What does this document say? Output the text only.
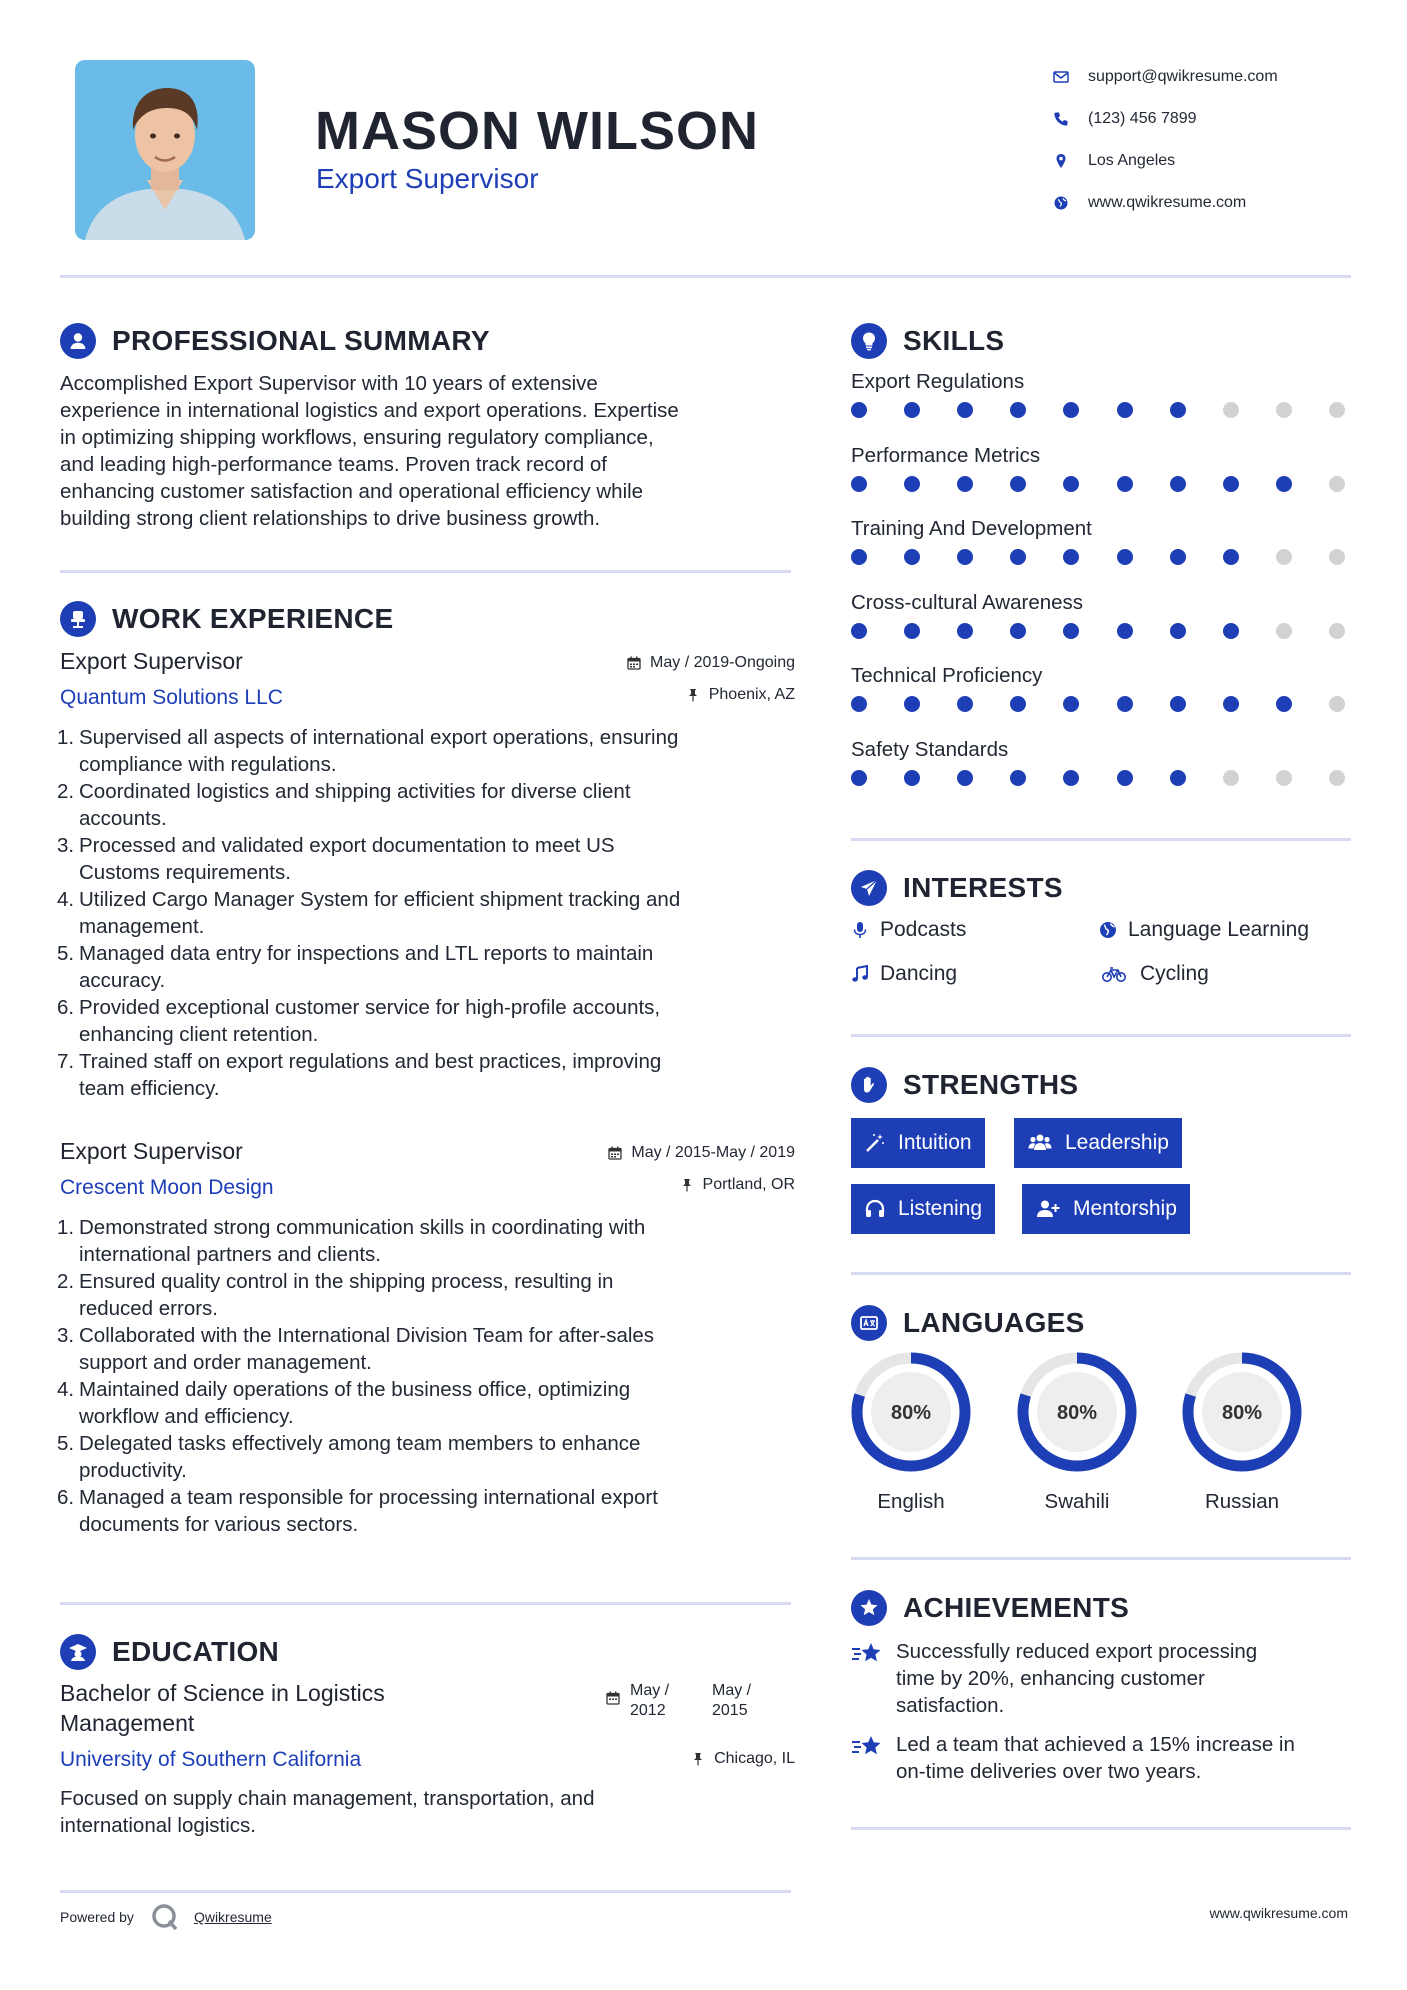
MASON WILSON
Export Supervisor
support@qwikresume.com
(123) 456 7899
Los Angeles
www.qwikresume.com
PROFESSIONAL SUMMARY
Accomplished Export Supervisor with 10 years of extensive
experience in international logistics and export operations. Expertise
in optimizing shipping workflows, ensuring regulatory compliance,
and leading high-performance teams. Proven track record of
enhancing customer satisfaction and operational efficiency while
building strong client relationships to drive business growth.
WORK EXPERIENCE
Export Supervisor
Quantum Solutions LLC
May / 2019-Ongoing
Phoenix, AZ
1. Supervised all aspects of international export operations, ensuring
compliance with regulations.
2. Coordinated logistics and shipping activities for diverse client
accounts.
3. Processed and validated export documentation to meet US
Customs requirements.
4. Utilized Cargo Manager System for efficient shipment tracking and
management.
5. Managed data entry for inspections and LTL reports to maintain
accuracy.
6. Provided exceptional customer service for high-profile accounts,
enhancing client retention.
7. Trained staff on export regulations and best practices, improving
team efficiency.
Export Supervisor
Crescent Moon Design
May / 2015-May / 2019
Portland, OR
1. Demonstrated strong communication skills in coordinating with
international partners and clients.
2. Ensured quality control in the shipping process, resulting in
reduced errors.
3. Collaborated with the International Division Team for after-sales
support and order management.
4. Maintained daily operations of the business office, optimizing
workflow and efficiency.
5. Delegated tasks effectively among team members to enhance
productivity.
6. Managed a team responsible for processing international export
documents for various sectors.
EDUCATION
Bachelor of Science in Logistics
Management
May /
2012
May /
2015
University of Southern California	Chicago, IL
Focused on supply chain management, transportation, and
international logistics.
Powered by	Qwikresume	www.qwikresume.com
SKILLS
Export Regulations
Performance Metrics
Training And Development
Cross-cultural Awareness
Technical Proficiency
Safety Standards
INTERESTS
Podcasts	Language Learning
Dancing	Cycling
STRENGTHS
Intuition	Leadership
Listening	Mentorship
LANGUAGES
80%
English
80%
Swahili
80%
Russian
ACHIEVEMENTS
Successfully reduced export processing
time by 20%, enhancing customer
satisfaction.
Led a team that achieved a 15% increase in
on-time deliveries over two years.
